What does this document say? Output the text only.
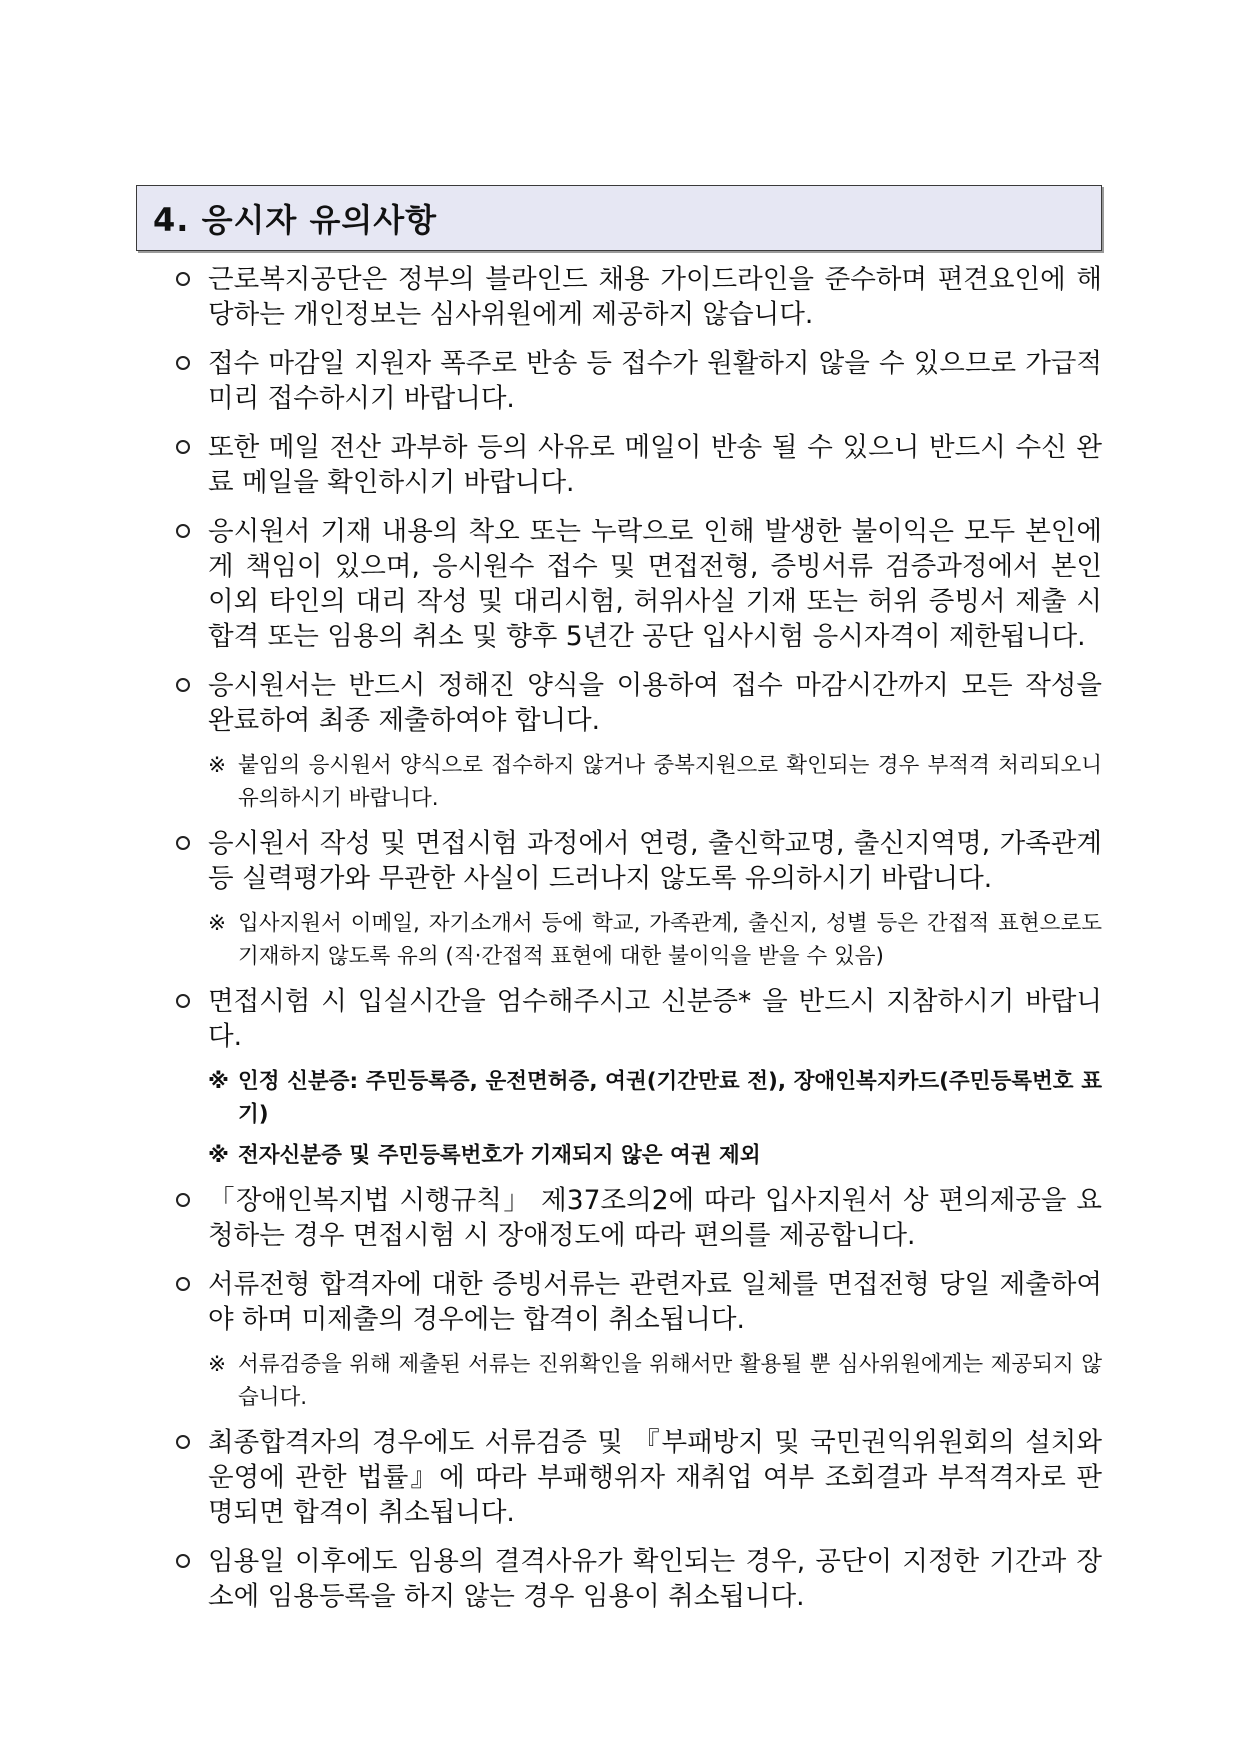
4. 응시자 유의사항
근로복지공단은 정부의 블라인드 채용 가이드라인을 준수하며 편견요인에 해당하는 개인정보는 심사위원에게 제공하지 않습니다.
접수 마감일 지원자 폭주로 반송 등 접수가 원활하지 않을 수 있으므로 가급적 미리 접수하시기 바랍니다.
또한 메일 전산 과부하 등의 사유로 메일이 반송 될 수 있으니 반드시 수신 완료 메일을 확인하시기 바랍니다.
응시원서 기재 내용의 착오 또는 누락으로 인해 발생한 불이익은 모두 본인에게 책임이 있으며, 응시원수 접수 및 면접전형, 증빙서류 검증과정에서 본인 이외 타인의 대리 작성 및 대리시험, 허위사실 기재 또는 허위 증빙서 제출 시 합격 또는 임용의 취소 및 향후 5년간 공단 입사시험 응시자격이 제한됩니다.
응시원서는 반드시 정해진 양식을 이용하여 접수 마감시간까지 모든 작성을 완료하여 최종 제출하여야 합니다.
※ 붙임의 응시원서 양식으로 접수하지 않거나 중복지원으로 확인되는 경우 부적격 처리되오니 유의하시기 바랍니다.
응시원서 작성 및 면접시험 과정에서 연령, 출신학교명, 출신지역명, 가족관계 등 실력평가와 무관한 사실이 드러나지 않도록 유의하시기 바랍니다.
※ 입사지원서 이메일, 자기소개서 등에 학교, 가족관계, 출신지, 성별 등은 간접적 표현으로도 기재하지 않도록 유의 (직‧간접적 표현에 대한 불이익을 받을 수 있음)
면접시험 시 입실시간을 엄수해주시고 신분증* 을 반드시 지참하시기 바랍니다.
※ 인정 신분증: 주민등록증, 운전면허증, 여권(기간만료 전), 장애인복지카드(주민등록번호 표기)
※ 전자신분증 및 주민등록번호가 기재되지 않은 여권 제외
「장애인복지법 시행규칙」 제37조의2에 따라 입사지원서 상 편의제공을 요청하는 경우 면접시험 시 장애정도에 따라 편의를 제공합니다.
서류전형 합격자에 대한 증빙서류는 관련자료 일체를 면접전형 당일 제출하여야 하며 미제출의 경우에는 합격이 취소됩니다.
※ 서류검증을 위해 제출된 서류는 진위확인을 위해서만 활용될 뿐 심사위원에게는 제공되지 않습니다.
최종합격자의 경우에도 서류검증 및 『부패방지 및 국민권익위원회의 설치와 운영에 관한 법률』에 따라 부패행위자 재취업 여부 조회결과 부적격자로 판명되면 합격이 취소됩니다.
임용일 이후에도 임용의 결격사유가 확인되는 경우, 공단이 지정한 기간과 장소에 임용등록을 하지 않는 경우 임용이 취소됩니다.
